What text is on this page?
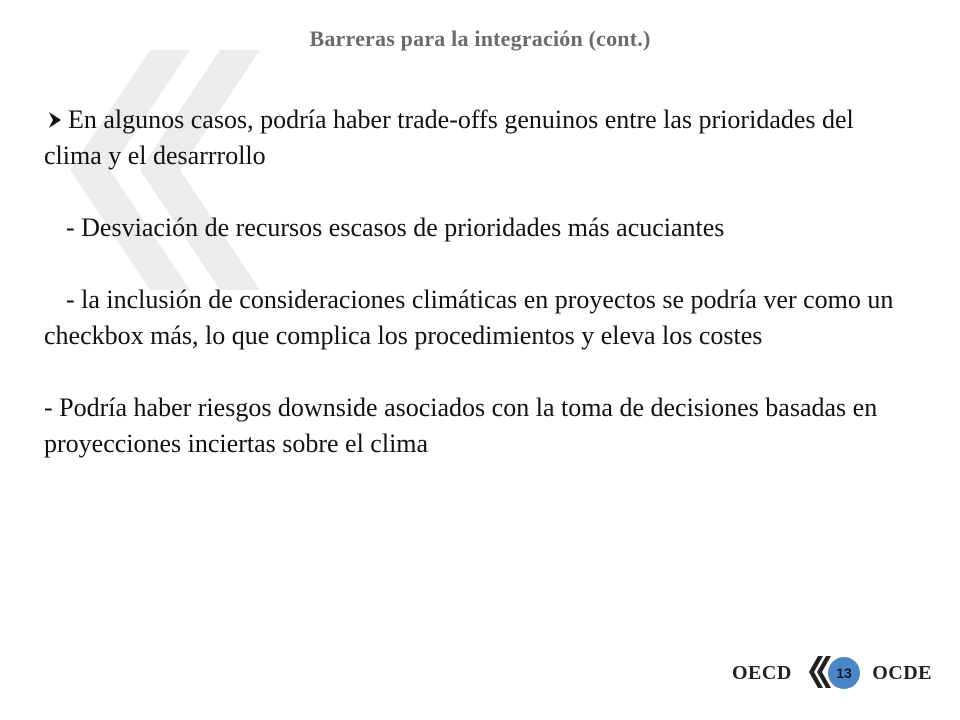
Barreras para la integración (cont.)

En algunos casos, podría haber trade-offs genuinos entre las prioridades del clima y el desarrrollo

- Desviación de recursos escasos de prioridades más acuciantes

- la inclusión de consideraciones climáticas en proyectos se podría ver como un checkbox más, lo que complica los procedimientos y eleva los costes

- Podría haber riesgos downside asociados con la toma de decisiones basadas en proyecciones inciertas sobre el clima

OECD	13	OCDE
